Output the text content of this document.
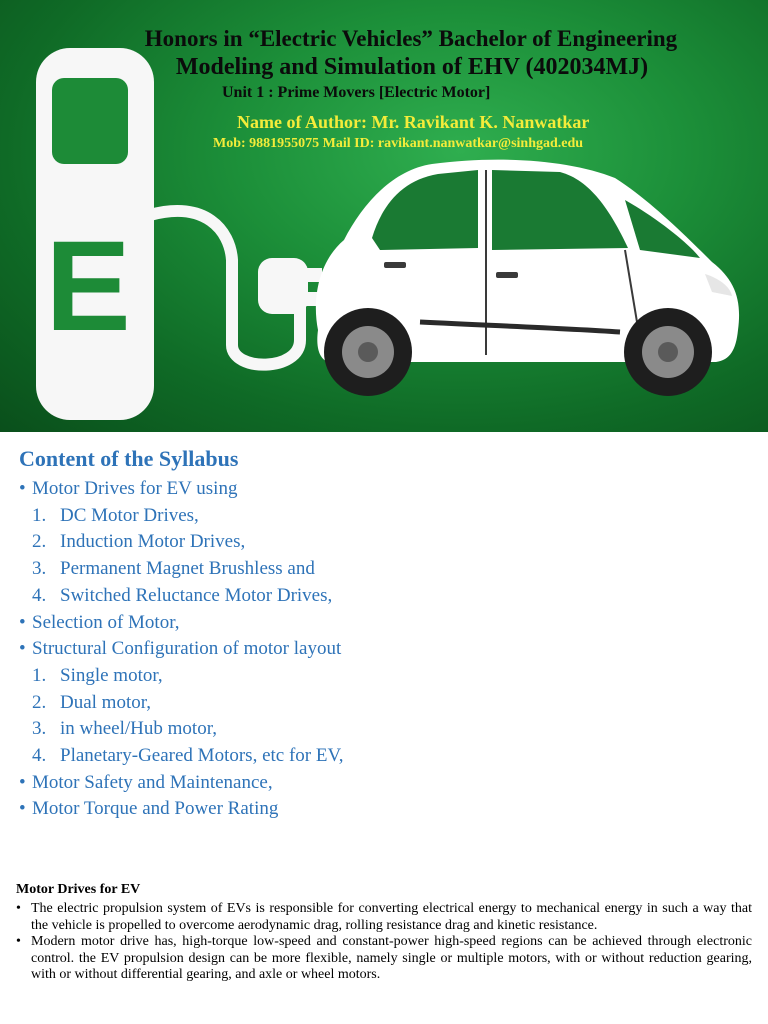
E
Honors in “Electric Vehicles” Bachelor of Engineering
Modeling and Simulation of EHV (402034MJ)
Unit 1 : Prime Movers [Electric Motor]
Name of Author: Mr. Ravikant K. Nanwatkar
Mob: 9881955075 Mail ID: ravikant.nanwatkar@sinhgad.edu
Content of the Syllabus
• Motor Drives for EV using
1. DC Motor Drives,
2. Induction Motor Drives,
3. Permanent Magnet Brushless and
4. Switched Reluctance Motor Drives,
• Selection of Motor,
• Structural Configuration of motor layout
1. Single motor,
2. Dual motor,
3. in wheel/Hub motor,
4. Planetary-Geared Motors, etc for EV,
• Motor Safety and Maintenance,
• Motor Torque and Power Rating
Motor Drives for EV
• The electric propulsion system of EVs is responsible for converting electrical energy to mechanical energy in such a way that the vehicle is propelled to overcome aerodynamic drag, rolling resistance drag and kinetic resistance.
• Modern motor drive has, high-torque low-speed and constant-power high-speed regions can be achieved through electronic control. the EV propulsion design can be more flexible, namely single or multiple motors, with or without reduction gearing, with or without differential gearing, and axle or wheel motors.
